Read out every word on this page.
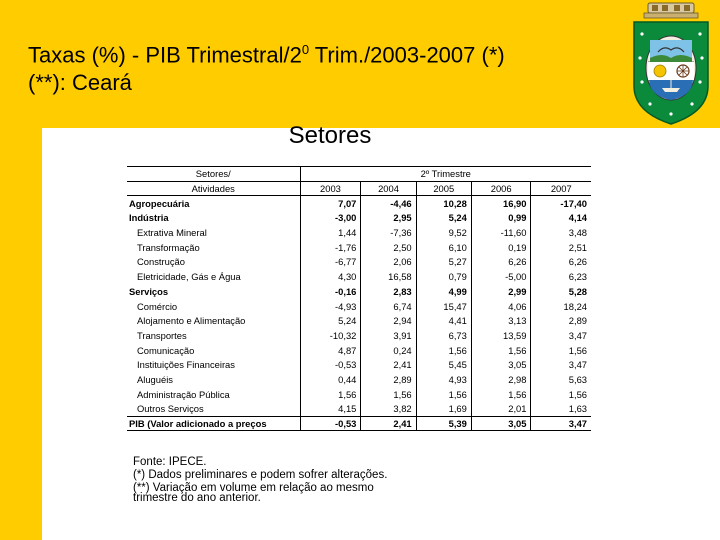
Taxas (%) - PIB Trimestral/$2^0$ Trim./2003-2007 (*)
(**): Ceará
Setores
Setores/	2º Trimestre				
Atividades	2003	2004	2005	2006	2007
Agropecuária	7,07	-4,46	10,28	16,90	-17,40
Indústria	-3,00	2,95	5,24	0,99	4,14
Extrativa Mineral	1,44	-7,36	9,52	-11,60	3,48
Transformação	-1,76	2,50	6,10	0,19	2,51
Construção	-6,77	2,06	5,27	6,26	6,26
Eletricidade, Gás e Água	4,30	16,58	0,79	-5,00	6,23
Serviços	-0,16	2,83	4,99	2,99	5,28
Comércio	-4,93	6,74	15,47	4,06	18,24
Alojamento e Alimentação	5,24	2,94	4,41	3,13	2,89
Transportes	-10,32	3,91	6,73	13,59	3,47
Comunicação	4,87	0,24	1,56	1,56	1,56
Instituições Financeiras	-0,53	2,41	5,45	3,05	3,47
Aluguéis	0,44	2,89	4,93	2,98	5,63
Administração Pública	1,56	1,56	1,56	1,56	1,56
Outros Serviços	4,15	3,82	1,69	2,01	1,63
PIB (Valor adicionado a preços	-0,53	2,41	5,39	3,05	3,47
Fonte: IPECE.
(*) Dados preliminares e podem sofrer alterações.
(**) Variação em volume em relação ao mesmo
trimestre do ano anterior.
